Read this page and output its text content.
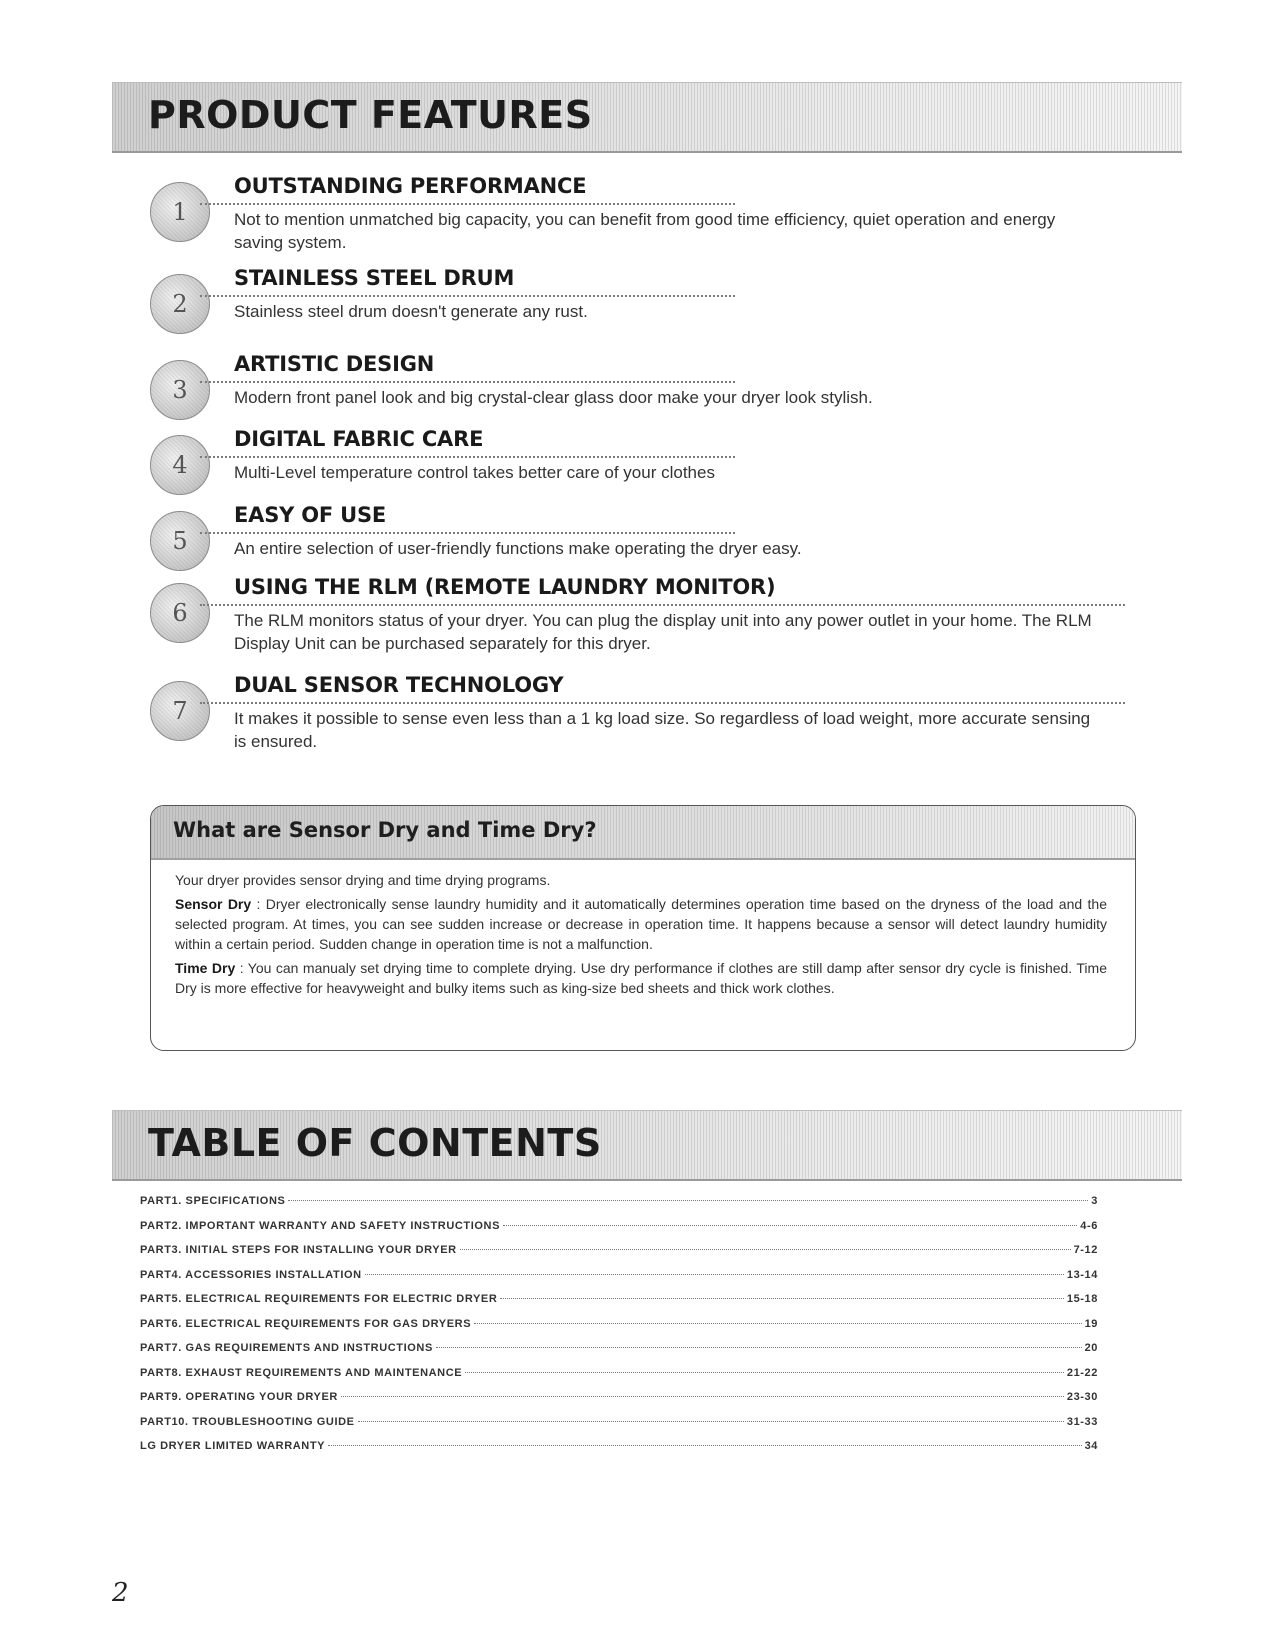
PRODUCT FEATURES
1
OUTSTANDING PERFORMANCE
Not to mention unmatched big capacity, you can benefit from good time efficiency, quiet operation and energy saving system.
2
STAINLESS STEEL DRUM
Stainless steel drum doesn't generate any rust.
3
ARTISTIC DESIGN
Modern front panel look and big crystal-clear glass door make your dryer look stylish.
4
DIGITAL FABRIC CARE
Multi-Level temperature control takes better care of your clothes
5
EASY OF USE
An entire selection of user-friendly functions make operating the dryer easy.
6
USING THE RLM (REMOTE LAUNDRY MONITOR)
The RLM monitors status of your dryer. You can plug the display unit into any power outlet in your home. The RLM Display Unit can be purchased separately for this dryer.
7
DUAL SENSOR TECHNOLOGY
It makes it possible to sense even less than a 1 kg load size. So regardless of load weight, more accurate sensing is ensured.
What are Sensor Dry and Time Dry?

Your dryer provides sensor drying and time drying programs.

Sensor Dry : Dryer electronically sense laundry humidity and it automatically determines operation time based on the dryness of the load and the selected program. At times, you can see sudden increase or decrease in operation time. It happens because a sensor will detect laundry humidity within a certain period. Sudden change in operation time is not a malfunction.

Time Dry : You can manualy set drying time to complete drying. Use dry performance if clothes are still damp after sensor dry cycle is finished. Time Dry is more effective for heavyweight and bulky items such as king-size bed sheets and thick work clothes.

TABLE OF CONTENTS
PART1. SPECIFICATIONS	3
PART2. IMPORTANT WARRANTY AND SAFETY INSTRUCTIONS	4-6
PART3. INITIAL STEPS FOR INSTALLING YOUR DRYER	7-12
PART4. ACCESSORIES INSTALLATION	13-14
PART5. ELECTRICAL REQUIREMENTS FOR ELECTRIC DRYER	15-18
PART6. ELECTRICAL REQUIREMENTS FOR GAS DRYERS	19
PART7. GAS REQUIREMENTS AND INSTRUCTIONS	20
PART8. EXHAUST REQUIREMENTS AND MAINTENANCE	21-22
PART9. OPERATING YOUR DRYER	23-30
PART10. TROUBLESHOOTING GUIDE	31-33
LG DRYER LIMITED WARRANTY	34
2
